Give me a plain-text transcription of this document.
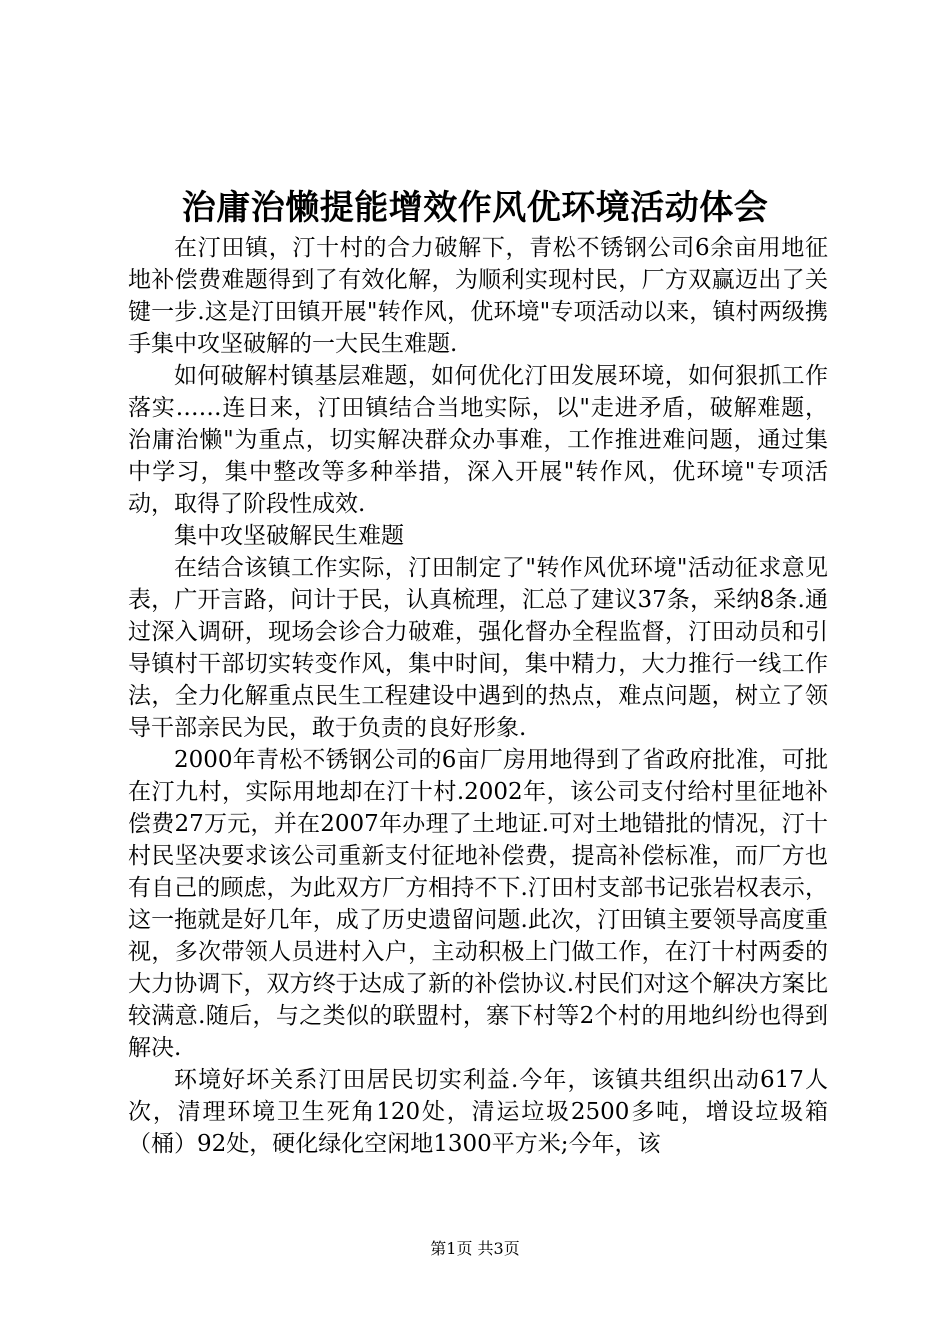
治庸治懒提能增效作风优环境活动体会

在汀田镇，汀十村的合力破解下，青松不锈钢公司6余亩用地征地补偿费难题得到了有效化解，为顺利实现村民，厂方双赢迈出了关键一步.这是汀田镇开展"转作风，优环境"专项活动以来，镇村两级携手集中攻坚破解的一大民生难题.

如何破解村镇基层难题，如何优化汀田发展环境，如何狠抓工作落实……连日来，汀田镇结合当地实际，以"走进矛盾，破解难题，治庸治懒"为重点，切实解决群众办事难，工作推进难问题，通过集中学习，集中整改等多种举措，深入开展"转作风，优环境"专项活动，取得了阶段性成效.

集中攻坚破解民生难题

在结合该镇工作实际，汀田制定了"转作风优环境"活动征求意见表，广开言路，问计于民，认真梳理，汇总了建议37条，采纳8条.通过深入调研，现场会诊合力破难，强化督办全程监督，汀田动员和引导镇村干部切实转变作风，集中时间，集中精力，大力推行一线工作法，全力化解重点民生工程建设中遇到的热点，难点问题，树立了领导干部亲民为民，敢于负责的良好形象.

2000年青松不锈钢公司的6亩厂房用地得到了省政府批准，可批在汀九村，实际用地却在汀十村.2002年，该公司支付给村里征地补偿费27万元，并在2007年办理了土地证.可对土地错批的情况，汀十村民坚决要求该公司重新支付征地补偿费，提高补偿标准，而厂方也有自己的顾虑，为此双方厂方相持不下.汀田村支部书记张岩权表示，这一拖就是好几年，成了历史遗留问题.此次，汀田镇主要领导高度重视，多次带领人员进村入户，主动积极上门做工作，在汀十村两委的大力协调下，双方终于达成了新的补偿协议.村民们对这个解决方案比较满意.随后，与之类似的联盟村，寨下村等2个村的用地纠纷也得到解决.

环境好坏关系汀田居民切实利益.今年，该镇共组织出动617人次，清理环境卫生死角120处，清运垃圾2500多吨，增设垃圾箱（桶）92处，硬化绿化空闲地1300平方米;今年，该

第1页 共3页
